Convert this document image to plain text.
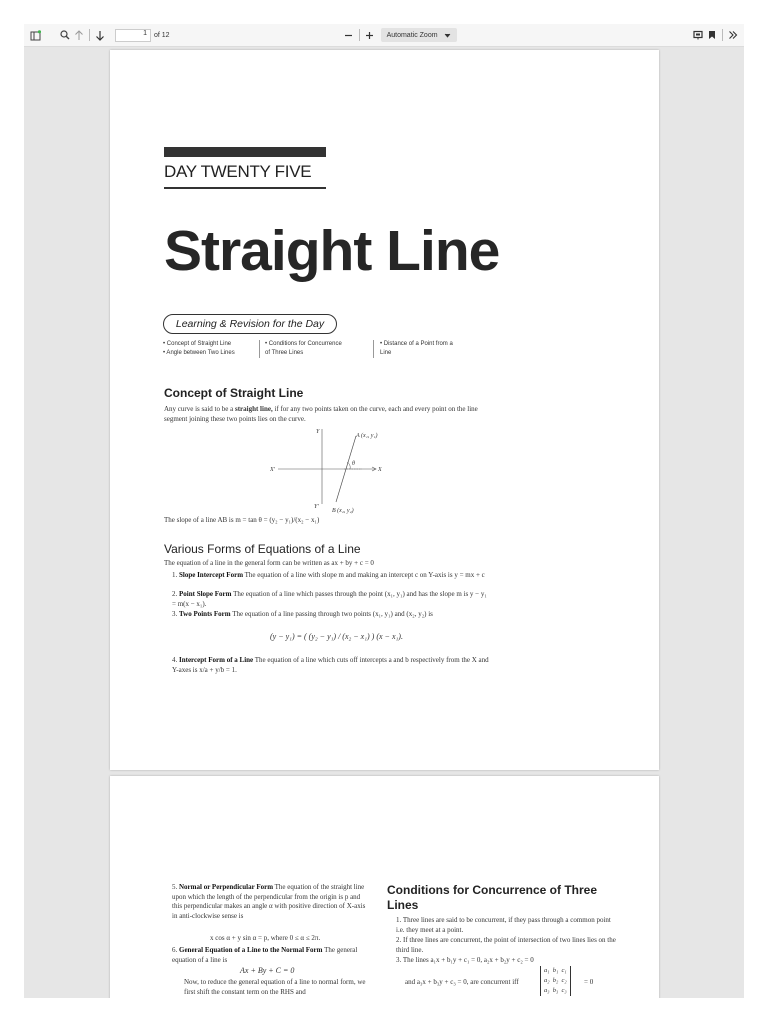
1	of 12	Automatic Zoom
DAY TWENTY FIVE
Straight Line
Learning & Revision for the Day
• Concept of Straight Line
• Angle between Two Lines
• Conditions for Concurrence
of Three Lines
• Distance of a Point from a
Line
Concept of Straight Line
Any curve is said to be a straight line, if for any two points taken on the curve, each and every point on the line segment joining these two points lies on the curve.
Y
Y′
X′	X
A (x₁, y₁)
B (x₂, y₂)
θ
The slope of a line AB is m = tan θ = (y₂ − y₁)/(x₂ − x₁)
Various Forms of Equations of a Line
The equation of a line in the general form can be written as ax + by + c = 0
1. Slope Intercept Form The equation of a line with slope m and making an intercept c on Y-axis is y = mx + c
2. Point Slope Form The equation of a line which passes through the point (x₁, y₁) and has the slope m is y − y₁ = m(x − x₁).
3. Two Points Form The equation of a line passing through two points (x₁, y₁) and (x₂, y₂) is
(y − y₁) = ( (y₂ − y₁) / (x₂ − x₁) ) (x − x₁).
4. Intercept Form of a Line The equation of a line which cuts off intercepts a and b respectively from the X and Y-axes is x/a + y/b = 1.
5. Normal or Perpendicular Form The equation of the straight line upon which the length of the perpendicular from the origin is p and this perpendicular makes an angle α with positive direction of X-axis in anti-clockwise sense is
x cos α + y sin α = p, where 0 ≤ α ≤ 2π.
6. General Equation of a Line to the Normal Form The general equation of a line is
Ax + By + C = 0
Now, to reduce the general equation of a line to normal form, we first shift the constant term on the RHS and
Conditions for Concurrence of Three Lines
1. Three lines are said to be concurrent, if they pass through a common point i.e. they meet at a point.
2. If three lines are concurrent, the point of intersection of two lines lies on the third line.
3. The lines a₁x + b₁y + c₁ = 0, a₂x + b₂y + c₂ = 0
and a₃x + b₃y + c₃ = 0, are concurrent iff
a₁ b₁ c₁
a₂ b₂ c₂
a₃ b₃ c₃
= 0
